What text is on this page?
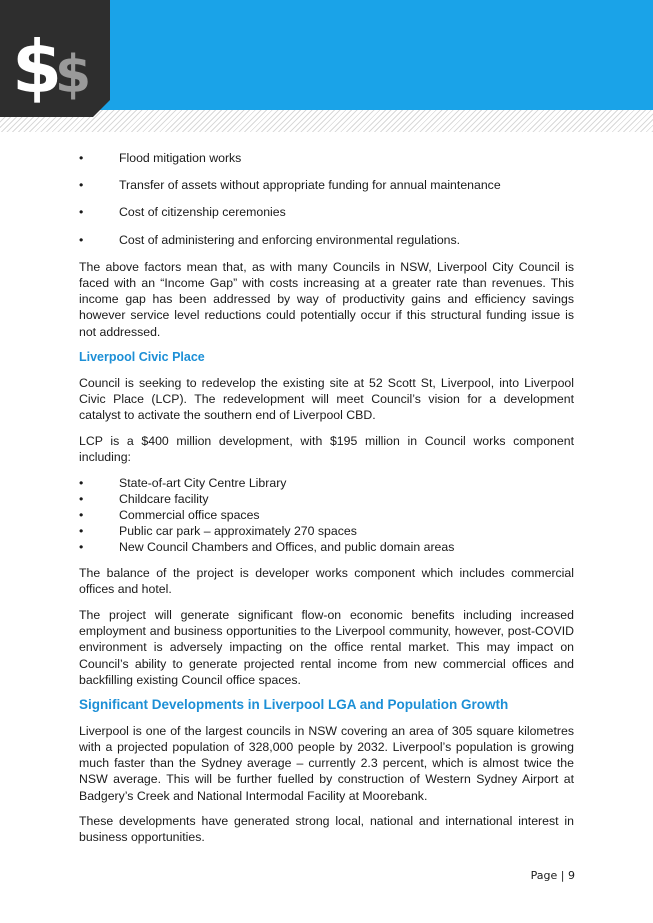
$
$
•	Flood mitigation works
•	Transfer of assets without appropriate funding for annual maintenance
•	Cost of citizenship ceremonies
•	Cost of administering and enforcing environmental regulations.

The above factors mean that, as with many Councils in NSW, Liverpool City Council is faced with an “Income Gap” with costs increasing at a greater rate than revenues. This income gap has been addressed by way of productivity gains and efficiency savings however service level reductions could potentially occur if this structural funding issue is not addressed.

Liverpool Civic Place

Council is seeking to redevelop the existing site at 52 Scott St, Liverpool, into Liverpool Civic Place (LCP). The redevelopment will meet Council’s vision for a development catalyst to activate the southern end of Liverpool CBD.

LCP is a $400 million development, with $195 million in Council works component including:

•	State-of-art City Centre Library
•	Childcare facility
•	Commercial office spaces
•	Public car park – approximately 270 spaces
•	New Council Chambers and Offices, and public domain areas

The balance of the project is developer works component which includes commercial offices and hotel.

The project will generate significant flow-on economic benefits including increased employment and business opportunities to the Liverpool community, however, post-COVID environment is adversely impacting on the office rental market. This may impact on Council’s ability to generate projected rental income from new commercial offices and backfilling existing Council office spaces.

Significant Developments in Liverpool LGA and Population Growth

Liverpool is one of the largest councils in NSW covering an area of 305 square kilometres with a projected population of 328,000 people by 2032. Liverpool’s population is growing much faster than the Sydney average – currently 2.3 percent, which is almost twice the NSW average. This will be further fuelled by construction of Western Sydney Airport at Badgery’s Creek and National Intermodal Facility at Moorebank.

These developments have generated strong local, national and international interest in business opportunities.

Page | 9
